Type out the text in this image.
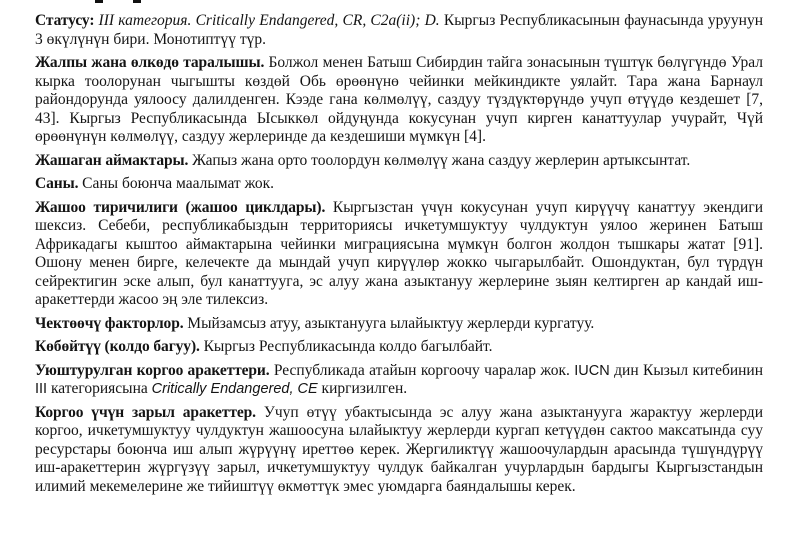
Статусу: III категория. Critically Endangered, CR, C2a(ii); D. Кыргыз Республикасынын фаунасында уруунун 3 өкүлүнүн бири. Монотиптүү түр.

Жалпы жана өлкөдө таралышы. Болжол менен Батыш Сибирдин тайга зонасынын түштүк бөлүгүндө Урал кырка тоолорунан чыгышты көздөй Обь өрөөнүнө чейинки мейкиндикте уялайт. Тара жана Барнаул райондорунда уялоосу далилденген. Кээде гана көлмөлүү, саздуу түздүктөрүндө учуп өтүүдө кездешет [7, 43]. Кыргыз Республикасында Ысыккөл ойдуңунда кокусунан учуп кирген канаттуулар учурайт, Чүй өрөөнүнүн көлмөлүү, саздуу жерлеринде да кездешиши мүмкүн [4].

Жашаган аймактары. Жапыз жана орто тоолордун көлмөлүү жана саздуу жерлерин артыксынтат.

Саны. Саны боюнча маалымат жок.

Жашоо тиричилиги (жашоо циклдары). Кыргызстан үчүн кокусунан учуп кирүүчү канаттуу экендиги шексиз. Себеби, республикабыздын территориясы ичкетумшуктуу чулдуктун уялоо жеринен Батыш Африкадагы кыштоо аймактарына чейинки миграциясына мүмкүн болгон жолдон тышкары жатат [91]. Ошону менен бирге, келечекте да мындай учуп кирүүлөр жокко чыгарылбайт. Ошондуктан, бул түрдүн сейректигин эске алып, бул канаттууга, эс алуу жана азыктануу жерлерине зыян келтирген ар кандай иш-аракеттерди жасоо эң эле тилексиз.

Чектөөчү факторлор. Мыйзамсыз атуу, азыктанууга ылайыктуу жерлерди кургатуу.

Көбөйтүү (колдо багуу). Кыргыз Республикасында колдо багылбайт.

Уюштурулган коргоо аракеттери. Республикада атайын коргоочу чаралар жок. IUCN дин Кызыл китебинин III категориясына Critically Endangered, CE киргизилген.

Коргоо үчүн зарыл аракеттер. Учуп өтүү убактысында эс алуу жана азыктанууга жарактуу жерлерди коргоо, ичкетумшуктуу чулдуктун жашоосуна ылайыктуу жерлерди кургап кетүүдөн сактоо максатында суу ресурстары боюнча иш алып жүрүүнү иреттөө керек. Жергиликтүү жашоочулардын арасында түшүндүрүү иш-аракеттерин жүргүзүү зарыл, ичкетумшуктуу чулдук байкалган учурлардын бардыгы Кыргызстандын илимий мекемелерине же тийиштүү өкмөттүк эмес уюмдарга баяндалышы керек.
